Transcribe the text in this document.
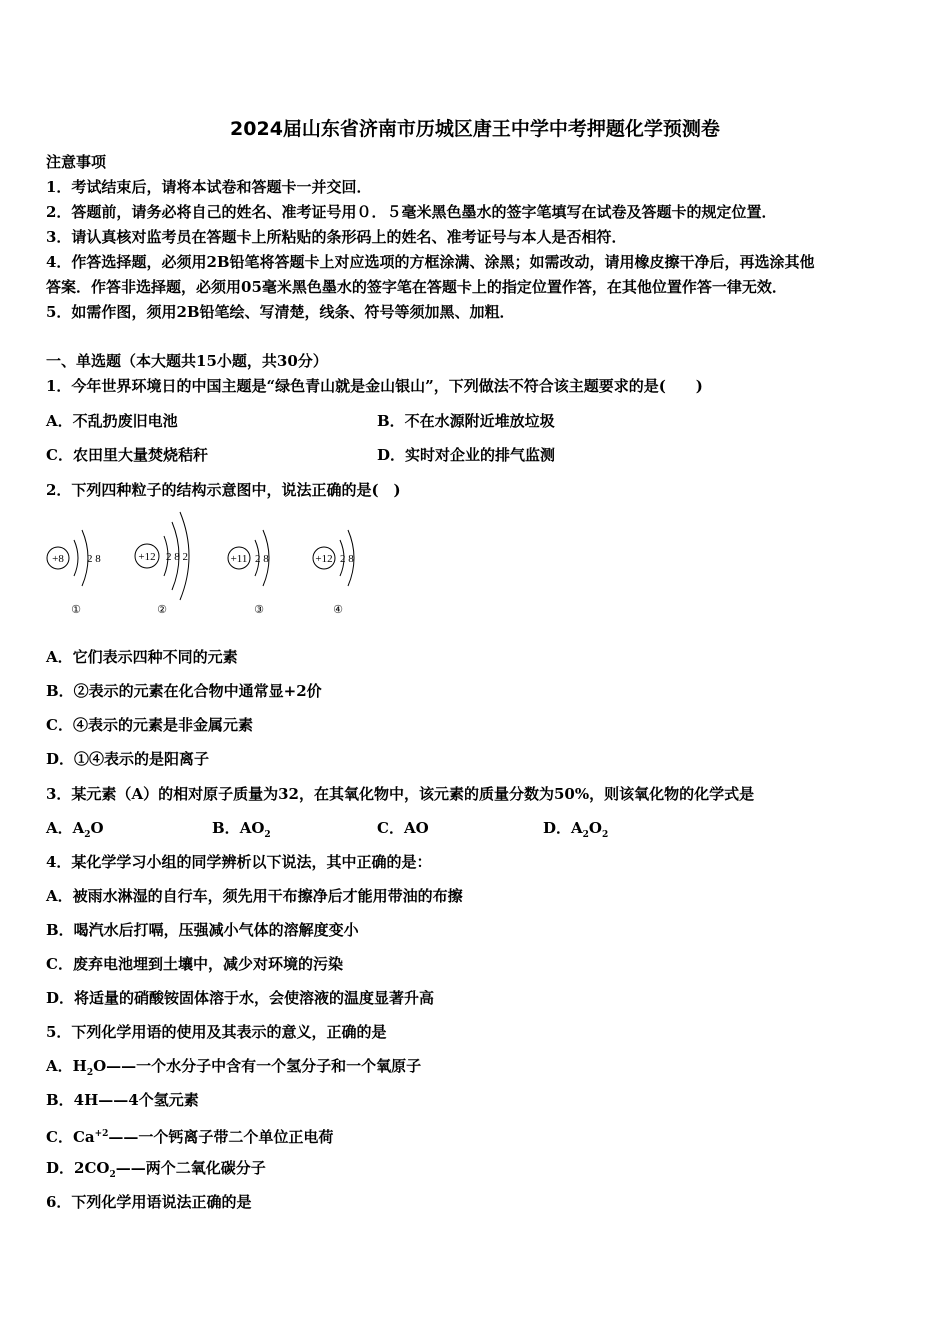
2024届山东省济南市历城区唐王中学中考押题化学预测卷
注意事项
1．考试结束后，请将本试卷和答题卡一并交回．
2．答题前，请务必将自己的姓名、准考证号用０．５毫米黑色墨水的签字笔填写在试卷及答题卡的规定位置．
3．请认真核对监考员在答题卡上所粘贴的条形码上的姓名、准考证号与本人是否相符．
4．作答选择题，必须用2B铅笔将答题卡上对应选项的方框涂满、涂黑；如需改动，请用橡皮擦干净后，再选涂其他
答案．作答非选择题，必须用05毫米黑色墨水的签字笔在答题卡上的指定位置作答，在其他位置作答一律无效．
5．如需作图，须用2B铅笔绘、写清楚，线条、符号等须加黑、加粗．
一、单选题（本大题共15小题，共30分）
1．今年世界环境日的中国主题是“绿色青山就是金山银山”，下列做法不符合该主题要求的是(　　)
A．不乱扔废旧电池	B．不在水源附近堆放垃圾
C．农田里大量焚烧秸秆	D．实时对企业的排气监测
2．下列四种粒子的结构示意图中，说法正确的是(　)
+8 2 8
①
+12 2 8 2
②
+11 2 8
③
+12 2 8
④
A．它们表示四种不同的元素
B．②表示的元素在化合物中通常显+2价
C．④表示的元素是非金属元素
D．①④表示的是阳离子
3．某元素（A）的相对原子质量为32，在其氧化物中，该元素的质量分数为50%，则该氧化物的化学式是
A．$A_2O$	B．$AO_2$	C．AO	D．$A_2O_2$
4．某化学学习小组的同学辨析以下说法，其中正确的是：
A．被雨水淋湿的自行车，须先用干布擦净后才能用带油的布擦
B．喝汽水后打嗝，压强减小气体的溶解度变小
C．废弃电池埋到土壤中，减少对环境的污染
D．将适量的硝酸铵固体溶于水，会使溶液的温度显著升高
5．下列化学用语的使用及其表示的意义，正确的是
A．$H_2O——$一个水分子中含有一个氢分子和一个氧原子
B．4H——4个氢元素
C．$Ca^{+2}——$一个钙离子带二个单位正电荷
D．$2CO_2——$两个二氧化碳分子
6．下列化学用语说法正确的是
